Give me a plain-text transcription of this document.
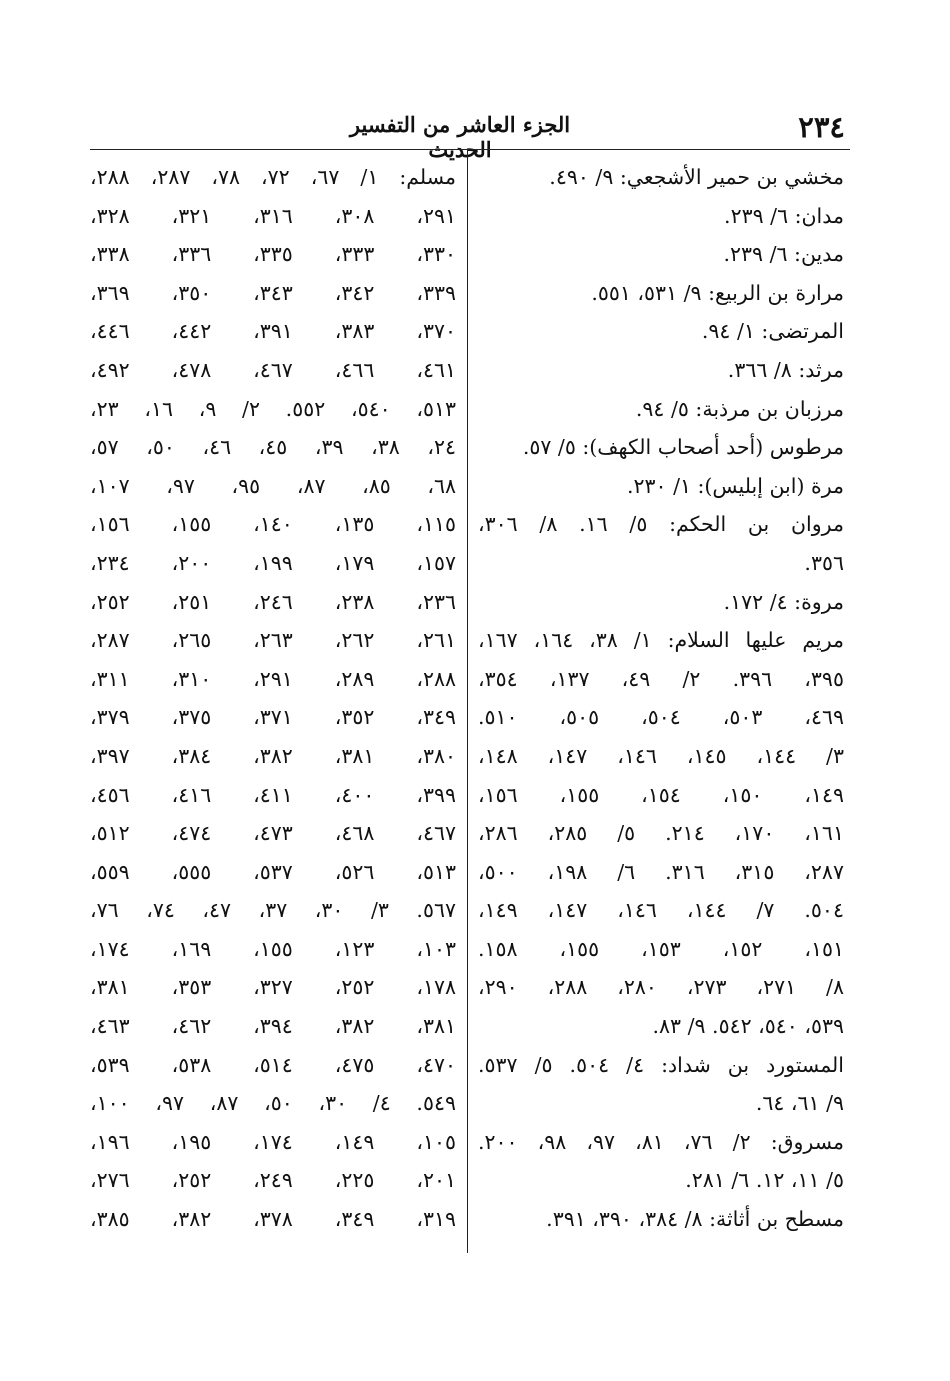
٢٣٤
الجزء العاشر من التفسير الحديث
مخشي بن حمير الأشجعي: ٩/ ٤٩٠.
مدان: ٦/ ٢٣٩.
مدين: ٦/ ٢٣٩.
مرارة بن الربيع: ٩/ ٥٣١، ٥٥١.
المرتضى: ١/ ٩٤.
مرثد: ٨/ ٣٦٦.
مرزبان بن مرذبة: ٥/ ٩٤.
مرطوس (أحد أصحاب الكهف): ٥/ ٥٧.
مرة (ابن إبليس): ١/ ٢٣٠.
مروان بن الحكم: ٥/ ١٦. ٨/ ٣٠٦،
٣٥٦.
مروة: ٤/ ١٧٢.
مريم عليها السلام: ١/ ٣٨، ١٦٤، ١٦٧،
٣٩٥، ٣٩٦. ٢/ ٤٩، ١٣٧، ٣٥٤،
٤٦٩، ٥٠٣، ٥٠٤، ٥٠٥، ٥١٠.
٣/ ١٤٤، ١٤٥، ١٤٦، ١٤٧، ١٤٨،
١٤٩، ١٥٠، ١٥٤، ١٥٥، ١٥٦،
١٦١، ١٧٠، ٢١٤. ٥/ ٢٨٥، ٢٨٦،
٢٨٧، ٣١٥، ٣١٦. ٦/ ١٩٨، ٥٠٠،
٥٠٤. ٧/ ١٤٤، ١٤٦، ١٤٧، ١٤٩،
١٥١، ١٥٢، ١٥٣، ١٥٥، ١٥٨.
٨/ ٢٧١، ٢٧٣، ٢٨٠، ٢٨٨، ٢٩٠،
٥٣٩، ٥٤٠، ٥٤٢. ٩/ ٨٣.
المستورد بن شداد: ٤/ ٥٠٤. ٥/ ٥٣٧.
٩/ ٦١، ٦٤.
مسروق: ٢/ ٧٦، ٨١، ٩٧، ٩٨، ٢٠٠.
٥/ ١١، ١٢. ٦/ ٢٨١.
مسطح بن أثاثة: ٨/ ٣٨٤، ٣٩٠، ٣٩١.
مسلم: ١/ ٦٧، ٧٢، ٧٨، ٢٨٧، ٢٨٨،
٢٩١، ٣٠٨، ٣١٦، ٣٢١، ٣٢٨،
٣٣٠، ٣٣٣، ٣٣٥، ٣٣٦، ٣٣٨،
٣٣٩، ٣٤٢، ٣٤٣، ٣٥٠، ٣٦٩،
٣٧٠، ٣٨٣، ٣٩١، ٤٤٢، ٤٤٦،
٤٦١، ٤٦٦، ٤٦٧، ٤٧٨، ٤٩٢،
٥١٣، ٥٤٠، ٥٥٢. ٢/ ٩، ١٦، ٢٣،
٢٤، ٣٨، ٣٩، ٤٥، ٤٦، ٥٠، ٥٧،
٦٨، ٨٥، ٨٧، ٩٥، ٩٧، ١٠٧،
١١٥، ١٣٥، ١٤٠، ١٥٥، ١٥٦،
١٥٧، ١٧٩، ١٩٩، ٢٠٠، ٢٣٤،
٢٣٦، ٢٣٨، ٢٤٦، ٢٥١، ٢٥٢،
٢٦١، ٢٦٢، ٢٦٣، ٢٦٥، ٢٨٧،
٢٨٨، ٢٨٩، ٢٩١، ٣١٠، ٣١١،
٣٤٩، ٣٥٢، ٣٧١، ٣٧٥، ٣٧٩،
٣٨٠، ٣٨١، ٣٨٢، ٣٨٤، ٣٩٧،
٣٩٩، ٤٠٠، ٤١١، ٤١٦، ٤٥٦،
٤٦٧، ٤٦٨، ٤٧٣، ٤٧٤، ٥١٢،
٥١٣، ٥٢٦، ٥٣٧، ٥٥٥، ٥٥٩،
٥٦٧. ٣/ ٣٠، ٣٧، ٤٧، ٧٤، ٧٦،
١٠٣، ١٢٣، ١٥٥، ١٦٩، ١٧٤،
١٧٨، ٢٥٢، ٣٢٧، ٣٥٣، ٣٨١،
٣٨١، ٣٨٢، ٣٩٤، ٤٦٢، ٤٦٣،
٤٧٠، ٤٧٥، ٥١٤، ٥٣٨، ٥٣٩،
٥٤٩. ٤/ ٣٠، ٥٠، ٨٧، ٩٧، ١٠٠،
١٠٥، ١٤٩، ١٧٤، ١٩٥، ١٩٦،
٢٠١، ٢٢٥، ٢٤٩، ٢٥٢، ٢٧٦،
٣١٩، ٣٤٩، ٣٧٨، ٣٨٢، ٣٨٥،
